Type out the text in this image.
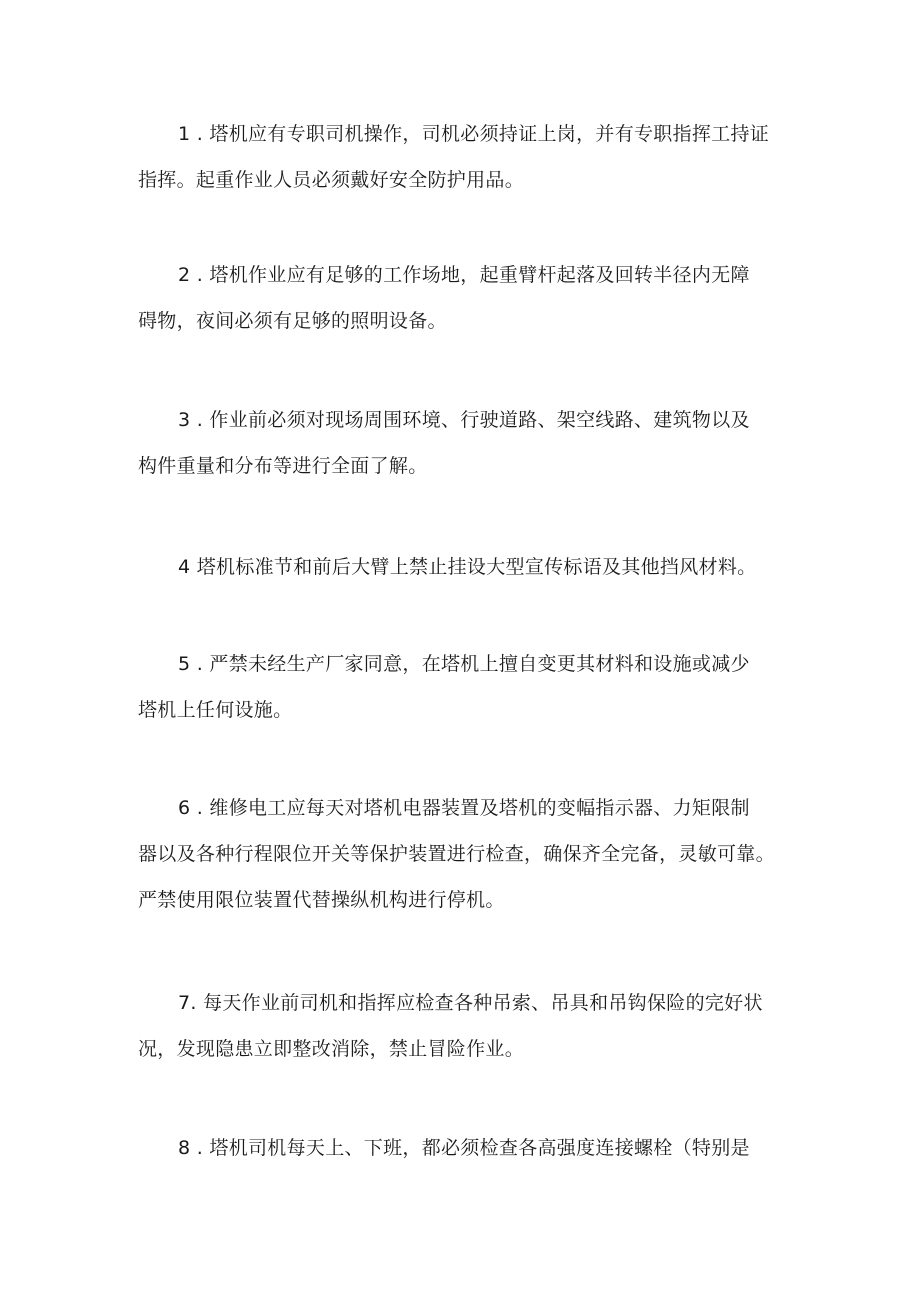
1 . 塔机应有专职司机操作，司机必须持证上岗，并有专职指挥工持证
指挥。起重作业人员必须戴好安全防护用品。
2 . 塔机作业应有足够的工作场地，起重臂杆起落及回转半径内无障
碍物，夜间必须有足够的照明设备。
3 . 作业前必须对现场周围环境、行驶道路、架空线路、建筑物以及
构件重量和分布等进行全面了解。
4 塔机标准节和前后大臂上禁止挂设大型宣传标语及其他挡风材料。
5 . 严禁未经生产厂家同意，在塔机上擅自变更其材料和设施或减少
塔机上任何设施。
6 . 维修电工应每天对塔机电器装置及塔机的变幅指示器、力矩限制
器以及各种行程限位开关等保护装置进行检查，确保齐全完备，灵敏可靠。
严禁使用限位装置代替操纵机构进行停机。
7. 每天作业前司机和指挥应检查各种吊索、吊具和吊钩保险的完好状
况，发现隐患立即整改消除，禁止冒险作业。
8 . 塔机司机每天上、下班，都必须检查各高强度连接螺栓（特别是
